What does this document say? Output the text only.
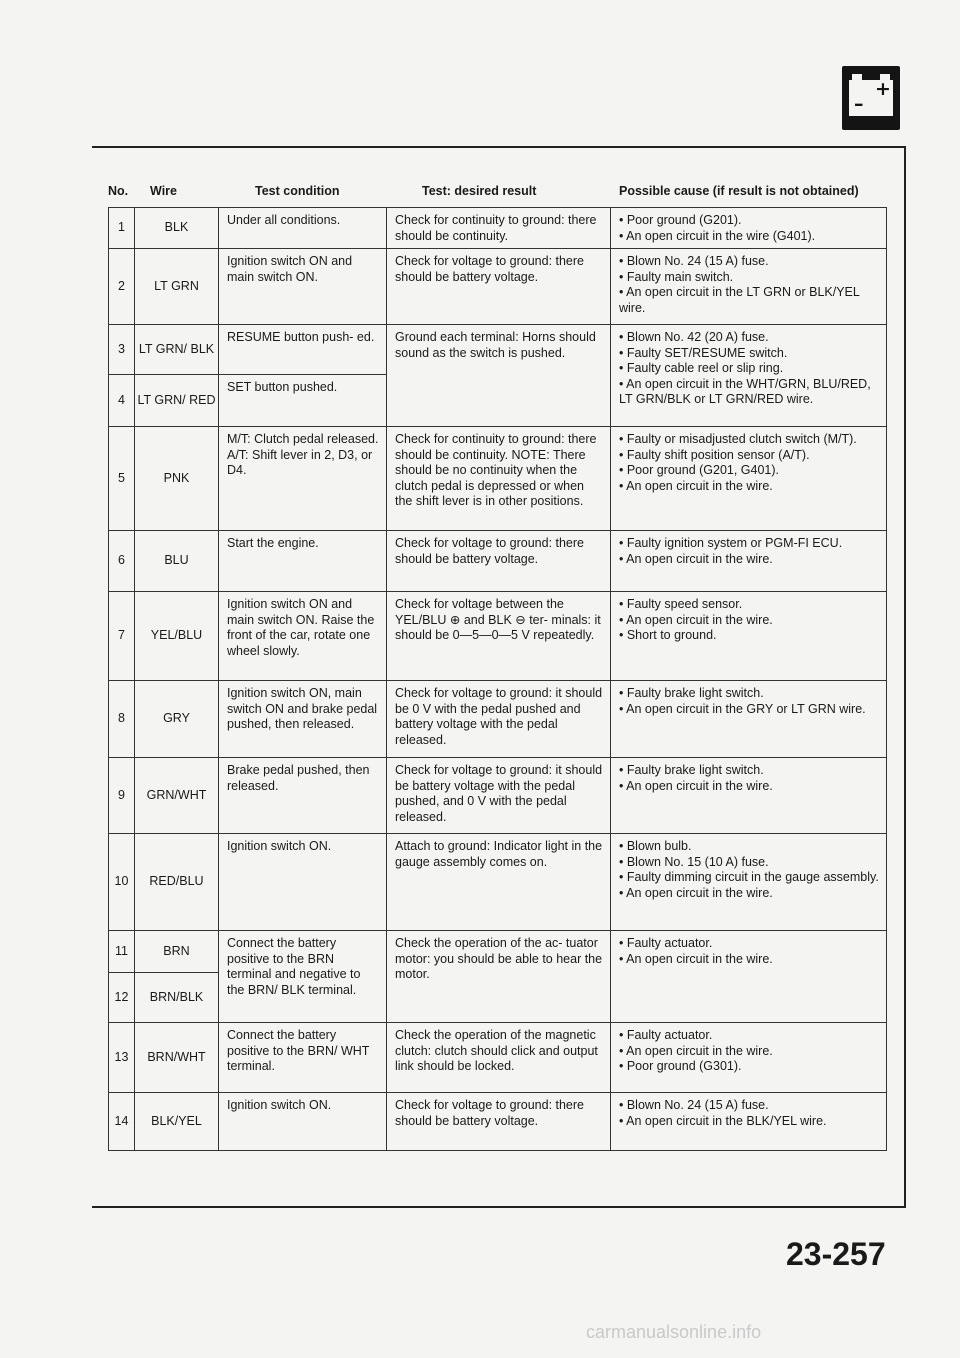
–
+
No. Wire	Test condition	Test: desired result	Possible cause (if result is not obtained)
1	BLK	Under all conditions.	Check for continuity to ground: there should be continuity.	• Poor ground (G201).
• An open circuit in the wire (G401).

2	LT GRN	Ignition switch ON and main switch ON.	Check for voltage to ground: there should be battery voltage.	• Blown No. 24 (15 A) fuse.
• Faulty main switch.
• An open circuit in the LT GRN or BLK/YEL wire.

3	LT GRN/ BLK	RESUME button push- ed.	Ground each terminal: Horns should sound as the switch is pushed.	• Blown No. 42 (20 A) fuse.
• Faulty SET/RESUME switch.
• Faulty cable reel or slip ring.
• An open circuit in the WHT/GRN, BLU/RED, LT GRN/BLK or LT GRN/RED wire.

4	LT GRN/ RED	SET button pushed.		
5	PNK	M/T: Clutch pedal released. A/T: Shift lever in 2, D3, or D4.	Check for continuity to ground: there should be continuity. NOTE: There should be no continuity when the clutch pedal is depressed or when the shift lever is in other positions.	• Faulty or misadjusted clutch switch (M/T).
• Faulty shift position sensor (A/T).
• Poor ground (G201, G401).
• An open circuit in the wire.

6	BLU	Start the engine.	Check for voltage to ground: there should be battery voltage.	• Faulty ignition system or PGM-FI ECU.
• An open circuit in the wire.

7	YEL/BLU	Ignition switch ON and main switch ON. Raise the front of the car, rotate one wheel slowly.	Check for voltage between the YEL/BLU ⊕ and BLK ⊖ ter- minals: it should be 0—5—0—5 V repeatedly.	• Faulty speed sensor.
• An open circuit in the wire.
• Short to ground.

8	GRY	Ignition switch ON, main switch ON and brake pedal pushed, then released.	Check for voltage to ground: it should be 0 V with the pedal pushed and battery voltage with the pedal released.	• Faulty brake light switch.
• An open circuit in the GRY or LT GRN wire.

9	GRN/WHT	Brake pedal pushed, then released.	Check for voltage to ground: it should be battery voltage with the pedal pushed, and 0 V with the pedal released.	• Faulty brake light switch.
• An open circuit in the wire.

10	RED/BLU	Ignition switch ON.	Attach to ground: Indicator light in the gauge assembly comes on.	• Blown bulb.
• Blown No. 15 (10 A) fuse.
• Faulty dimming circuit in the gauge assembly.
• An open circuit in the wire.

11	BRN	Connect the battery positive to the BRN terminal and negative to the BRN/ BLK terminal.	Check the operation of the ac- tuator motor: you should be able to hear the motor.	• Faulty actuator.
• An open circuit in the wire.

12	BRN/BLK			
13	BRN/WHT	Connect the battery positive to the BRN/ WHT terminal.	Check the operation of the magnetic clutch: clutch should click and output link should be locked.	• Faulty actuator.
• An open circuit in the wire.
• Poor ground (G301).

14	BLK/YEL	Ignition switch ON.	Check for voltage to ground: there should be battery voltage.	• Blown No. 24 (15 A) fuse.
• An open circuit in the BLK/YEL wire.
23-257
carmanualsonline.info
